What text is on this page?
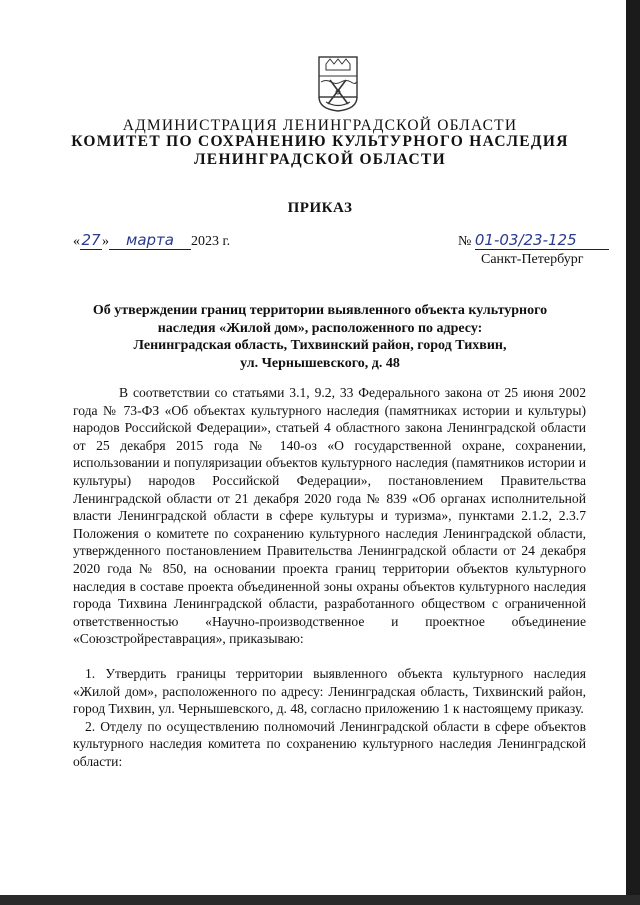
АДМИНИСТРАЦИЯ ЛЕНИНГРАДСКОЙ ОБЛАСТИ
КОМИТЕТ ПО СОХРАНЕНИЮ КУЛЬТУРНОГО НАСЛЕДИЯ
ЛЕНИНГРАДСКОЙ ОБЛАСТИ
ПРИКАЗ
«27» марта 2023 г.	№ 01-03/23-125
Санкт-Петербург
Об утверждении границ территории выявленного объекта культурного
наследия «Жилой дом», расположенного по адресу:
Ленинградская область, Тихвинский район, город Тихвин,
ул. Чернышевского, д. 48

В соответствии со статьями 3.1, 9.2, 33 Федерального закона от 25 июня 2002 года № 73-ФЗ «Об объектах культурного наследия (памятниках истории и культуры) народов Российской Федерации», статьей 4 областного закона Ленинградской области от 25 декабря 2015 года № 140-оз «О государственной охране, сохранении, использовании и популяризации объектов культурного наследия (памятников истории и культуры) народов Российской Федерации», постановлением Правительства Ленинградской области от 21 декабря 2020 года № 839 «Об органах исполнительной власти Ленинградской области в сфере культуры и туризма», пунктами 2.1.2, 2.3.7 Положения о комитете по сохранению культурного наследия Ленинградской области, утвержденного постановлением Правительства Ленинградской области от 24 декабря 2020 года № 850, на основании проекта границ территории объектов культурного наследия в составе проекта объединенной зоны охраны объектов культурного наследия города Тихвина Ленинградской области, разработанного обществом с ограниченной ответственностью «Научно-производственное и проектное объединение «Союзстройреставрация», приказываю:

1. Утвердить границы территории выявленного объекта культурного наследия «Жилой дом», расположенного по адресу: Ленинградская область, Тихвинский район, город Тихвин, ул. Чернышевского, д. 48, согласно приложению 1 к настоящему приказу.

2. Отделу по осуществлению полномочий Ленинградской области в сфере объектов культурного наследия комитета по сохранению культурного наследия Ленинградской области:
